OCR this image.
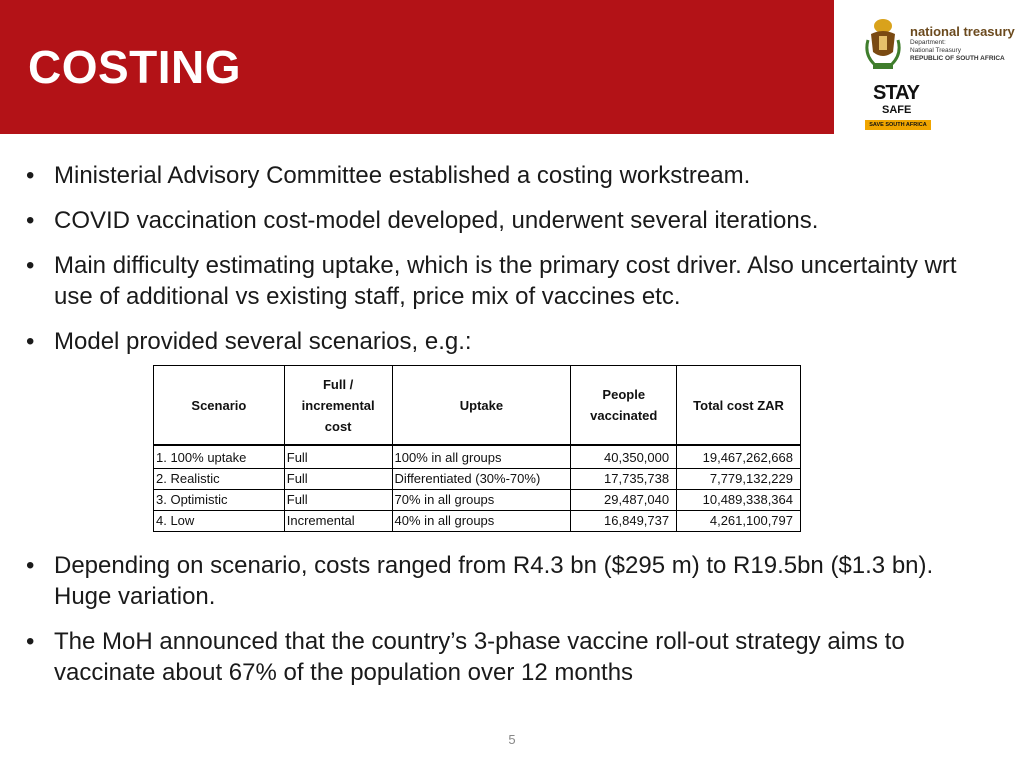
COSTING
national treasury
Department:
National Treasury
REPUBLIC OF SOUTH AFRICA
STAY
SAFE
SAVE SOUTH AFRICA
• Ministerial Advisory Committee established a costing workstream.
• COVID vaccination cost-model developed, underwent several iterations.
• Main difficulty estimating uptake, which is the primary cost driver. Also uncertainty wrt use of additional vs existing staff, price mix of vaccines etc.
• Model provided several scenarios, e.g.:
Scenario	Full / incremental cost	Uptake	People vaccinated	Total cost ZAR
1. 100% uptake	Full	100% in all groups	40,350,000	19,467,262,668
2. Realistic	Full	Differentiated (30%-70%)	17,735,738	7,779,132,229
3. Optimistic	Full	70% in all groups	29,487,040	10,489,338,364
4. Low	Incremental	40% in all groups	16,849,737	4,261,100,797
• Depending on scenario, costs ranged from R4.3 bn ($295 m) to R19.5bn ($1.3 bn). Huge variation.
• The MoH announced that the country’s 3-phase vaccine roll-out strategy aims to vaccinate about 67% of the population over 12 months
5
